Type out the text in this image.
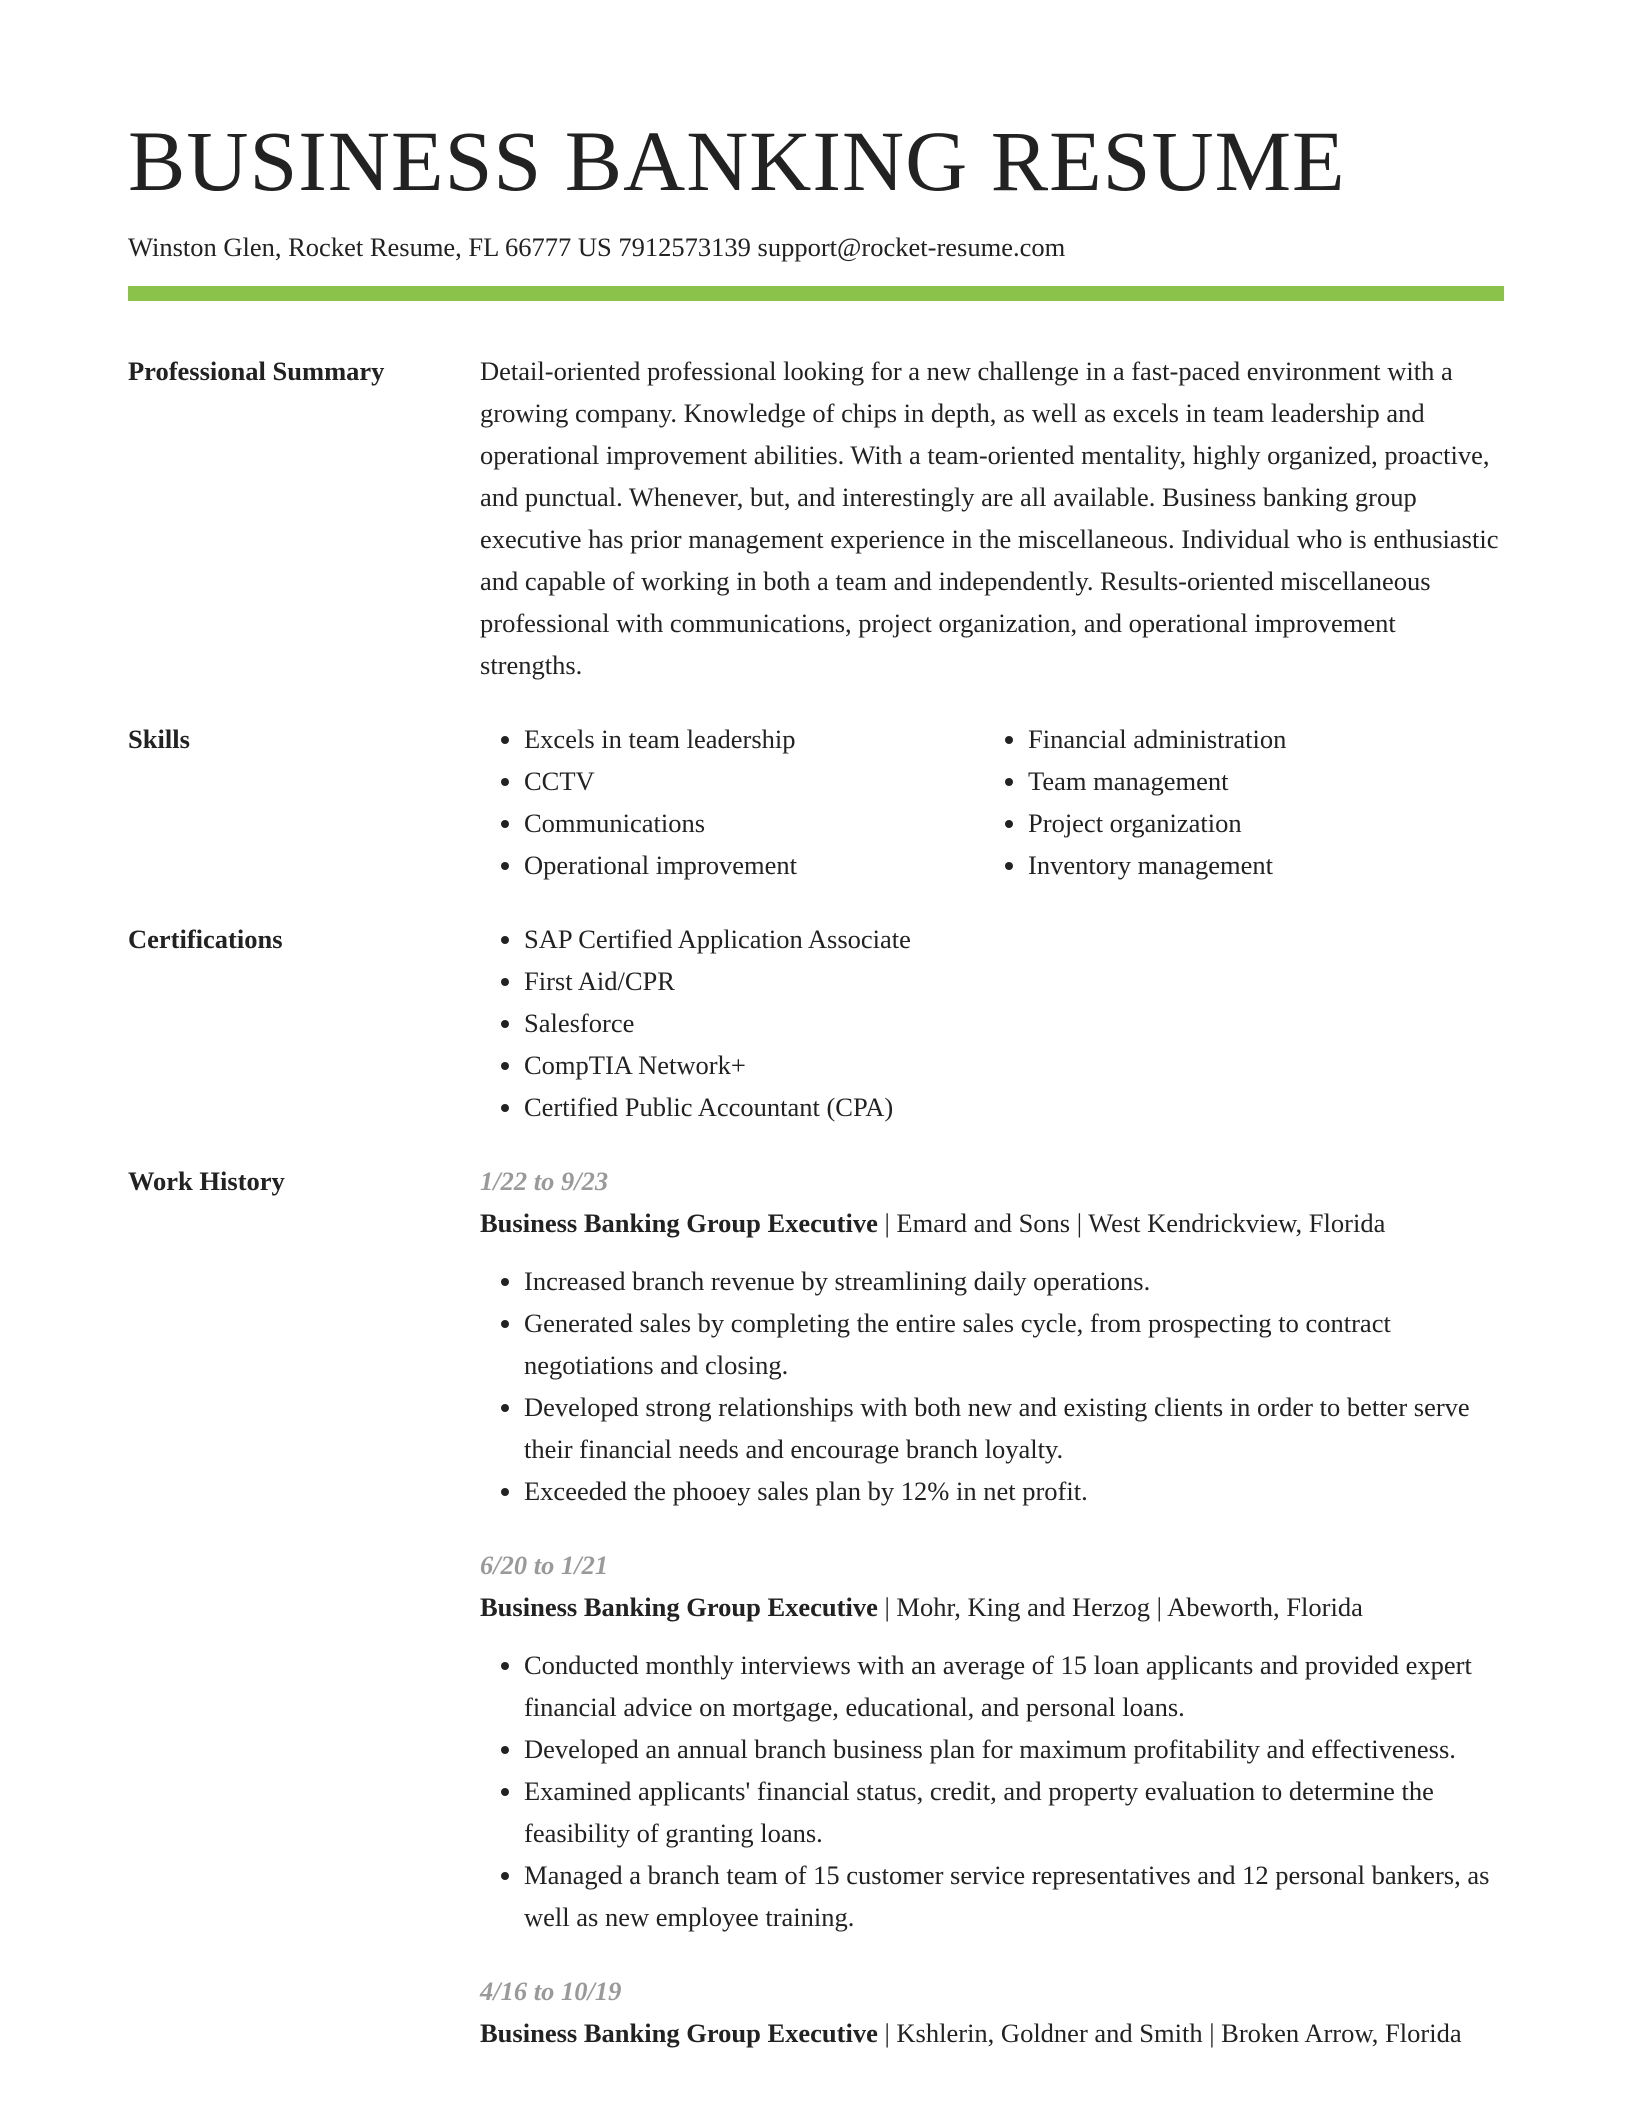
BUSINESS BANKING RESUME
Winston Glen, Rocket Resume, FL 66777 US 7912573139 support@rocket-resume.com
Professional Summary	Detail-oriented professional looking for a new challenge in a fast-paced environment with a growing company. Knowledge of chips in depth, as well as excels in team leadership and operational improvement abilities. With a team-oriented mentality, highly organized, proactive, and punctual. Whenever, but, and interestingly are all available. Business banking group executive has prior management experience in the miscellaneous. Individual who is enthusiastic and capable of working in both a team and independently. Results-oriented miscellaneous professional with communications, project organization, and operational improvement strengths.

Skills	• Excels in team leadership
• CCTV
• Communications
• Operational improvement
• Financial administration
• Team management
• Project organization
• Inventory management
Certifications	• SAP Certified Application Associate
• First Aid/CPR
• Salesforce
• CompTIA Network+
• Certified Public Accountant (CPA)
Work History	1/22 to 9/23
Business Banking Group Executive | Emard and Sons | West Kendrickview, Florida
• Increased branch revenue by streamlining daily operations.
• Generated sales by completing the entire sales cycle, from prospecting to contract negotiations and closing.
• Developed strong relationships with both new and existing clients in order to better serve their financial needs and encourage branch loyalty.
• Exceeded the phooey sales plan by 12% in net profit.
6/20 to 1/21
Business Banking Group Executive | Mohr, King and Herzog | Abeworth, Florida
• Conducted monthly interviews with an average of 15 loan applicants and provided expert financial advice on mortgage, educational, and personal loans.
• Developed an annual branch business plan for maximum profitability and effectiveness.
• Examined applicants' financial status, credit, and property evaluation to determine the feasibility of granting loans.
• Managed a branch team of 15 customer service representatives and 12 personal bankers, as well as new employee training.
4/16 to 10/19
Business Banking Group Executive | Kshlerin, Goldner and Smith | Broken Arrow, Florida
